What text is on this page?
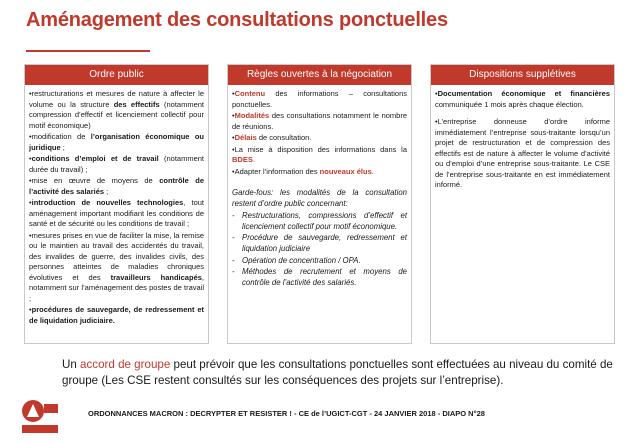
Aménagement des consultations ponctuelles
Ordre public
•restructurations et mesures de nature à affecter le volume ou la structure des effectifs (notamment compression d’effectif et licenciement collectif pour motif économique)
•modification de l’organisation économique ou juridique ;
•conditions d’emploi et de travail (notamment durée du travail) ;
•mise en œuvre de moyens de contrôle de l’activité des salariés ;
•introduction de nouvelles technologies, tout aménagement important modifiant les conditions de santé et de sécurité ou les conditions de travail ;
•mesures prises en vue de faciliter la mise, la remise ou le maintien au travail des accidentés du travail, des invalides de guerre, des invalides civils, des personnes atteintes de maladies chroniques évolutives et des travailleurs handicapés, notamment sur l’aménagement des postes de travail ;
•procédures de sauvegarde, de redressement et de liquidation judiciaire.
Règles ouvertes à la négociation
•Contenu des informations – consultations ponctuelles.
•Modalités des consultations notamment le nombre de réunions.
•Délais de consultation.
•La mise à disposition des informations dans la BDES.
•Adapter l’information des nouveaux élus.
Garde-fous: les modalités de la consultation restent d’ordre public concernant:
- Restructurations, compressions d’effectif et licenciement collectif pour motif économique.
- Procédure de sauvegarde, redressement et liquidation judiciaire
- Opération de concentration / OPA.
- Méthodes de recrutement et moyens de contrôle de l’activité des salariés.
Dispositions supplétives
•Documentation économique et financières communiquée 1 mois après chaque élection.
•L’entreprise donneuse d’ordre informe immédiatement l’entreprise sous-traitante lorsqu’un projet de restructuration et de compression des effectifs est de nature à affecter le volume d’activité ou d’emploi d’une entreprise sous-traitante. Le CSE de l’entreprise sous-traitante en est immédiatement informé.
Un accord de groupe peut prévoir que les consultations ponctuelles sont effectuées au niveau du comité de groupe (Les CSE restent consultés sur les conséquences des projets sur l’entreprise).
ORDONNANCES MACRON : DECRYPTER ET RESISTER ! - CE de l’UGICT-CGT - 24 JANVIER 2018 - DIAPO N°28
